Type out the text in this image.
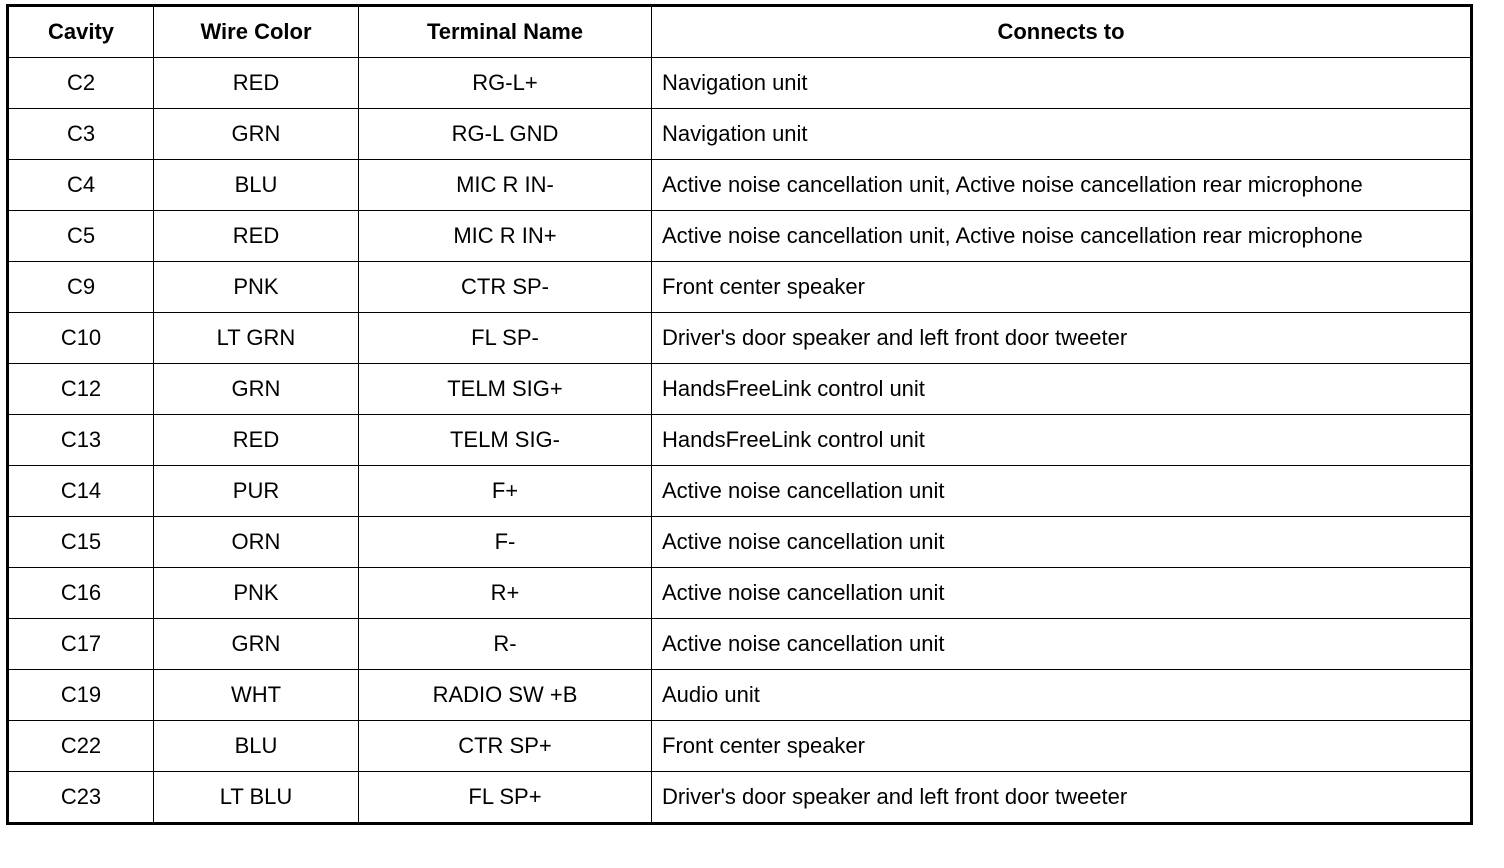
Cavity	Wire Color	Terminal Name	Connects to
C2	RED	RG-L+	Navigation unit
C3	GRN	RG-L GND	Navigation unit
C4	BLU	MIC R IN-	Active noise cancellation unit, Active noise cancellation rear microphone
C5	RED	MIC R IN+	Active noise cancellation unit, Active noise cancellation rear microphone
C9	PNK	CTR SP-	Front center speaker
C10	LT GRN	FL SP-	Driver's door speaker and left front door tweeter
C12	GRN	TELM SIG+	HandsFreeLink control unit
C13	RED	TELM SIG-	HandsFreeLink control unit
C14	PUR	F+	Active noise cancellation unit
C15	ORN	F-	Active noise cancellation unit
C16	PNK	R+	Active noise cancellation unit
C17	GRN	R-	Active noise cancellation unit
C19	WHT	RADIO SW +B	Audio unit
C22	BLU	CTR SP+	Front center speaker
C23	LT BLU	FL SP+	Driver's door speaker and left front door tweeter
